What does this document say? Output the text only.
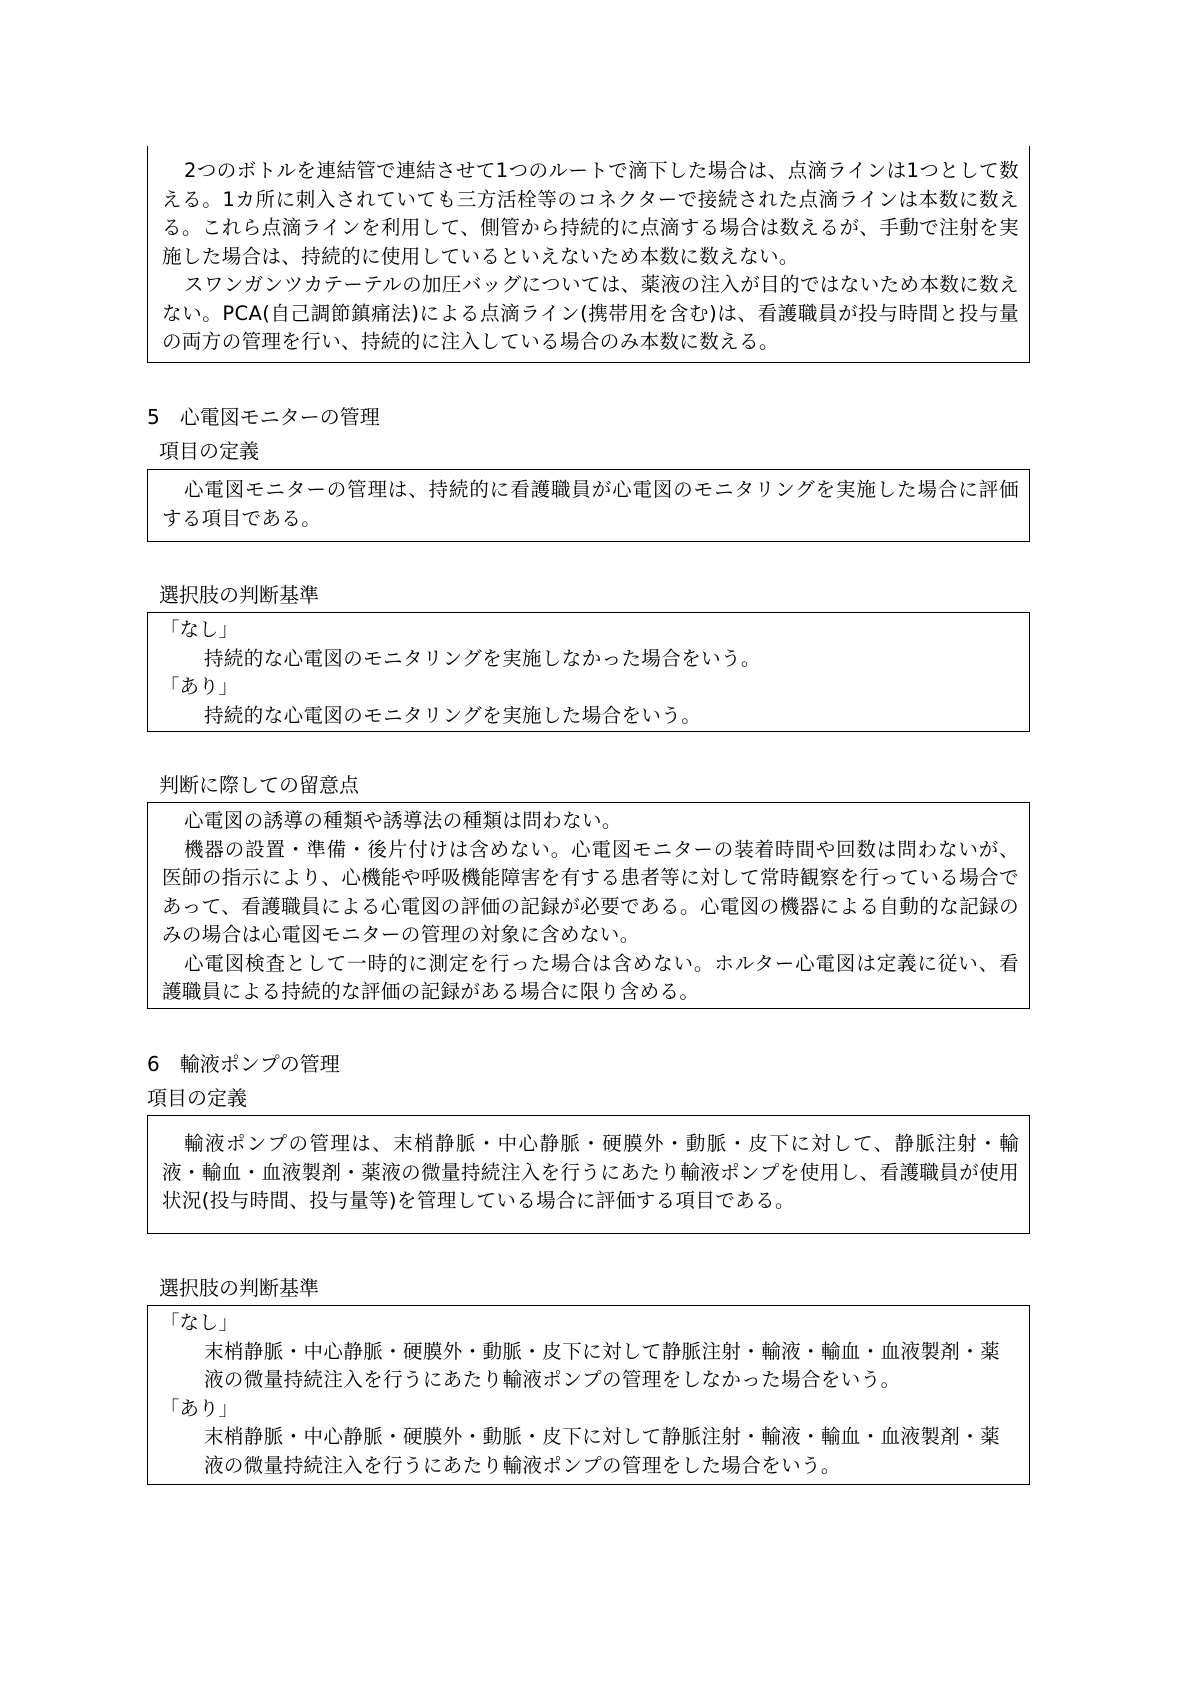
2つのボトルを連結管で連結させて1つのルートで滴下した場合は、点滴ラインは1つとして数える。1カ所に刺入されていても三方活栓等のコネクターで接続された点滴ラインは本数に数える。これら点滴ラインを利用して、側管から持続的に点滴する場合は数えるが、手動で注射を実施した場合は、持続的に使用しているといえないため本数に数えない。

スワンガンツカテーテルの加圧バッグについては、薬液の注入が目的ではないため本数に数えない。PCA(自己調節鎮痛法)による点滴ライン(携帯用を含む)は、看護職員が投与時間と投与量の両方の管理を行い、持続的に注入している場合のみ本数に数える。

5　心電図モニターの管理

項目の定義

心電図モニターの管理は、持続的に看護職員が心電図のモニタリングを実施した場合に評価する項目である。

選択肢の判断基準

「なし」

持続的な心電図のモニタリングを実施しなかった場合をいう。

「あり」

持続的な心電図のモニタリングを実施した場合をいう。

判断に際しての留意点

心電図の誘導の種類や誘導法の種類は問わない。

機器の設置・準備・後片付けは含めない。心電図モニターの装着時間や回数は問わないが、医師の指示により、心機能や呼吸機能障害を有する患者等に対して常時観察を行っている場合であって、看護職員による心電図の評価の記録が必要である。心電図の機器による自動的な記録のみの場合は心電図モニターの管理の対象に含めない。

心電図検査として一時的に測定を行った場合は含めない。ホルター心電図は定義に従い、看護職員による持続的な評価の記録がある場合に限り含める。

6　輸液ポンプの管理

項目の定義

輸液ポンプの管理は、末梢静脈・中心静脈・硬膜外・動脈・皮下に対して、静脈注射・輸液・輸血・血液製剤・薬液の微量持続注入を行うにあたり輸液ポンプを使用し、看護職員が使用状況(投与時間、投与量等)を管理している場合に評価する項目である。

選択肢の判断基準

「なし」

末梢静脈・中心静脈・硬膜外・動脈・皮下に対して静脈注射・輸液・輸血・血液製剤・薬液の微量持続注入を行うにあたり輸液ポンプの管理をしなかった場合をいう。

「あり」

末梢静脈・中心静脈・硬膜外・動脈・皮下に対して静脈注射・輸液・輸血・血液製剤・薬液の微量持続注入を行うにあたり輸液ポンプの管理をした場合をいう。
